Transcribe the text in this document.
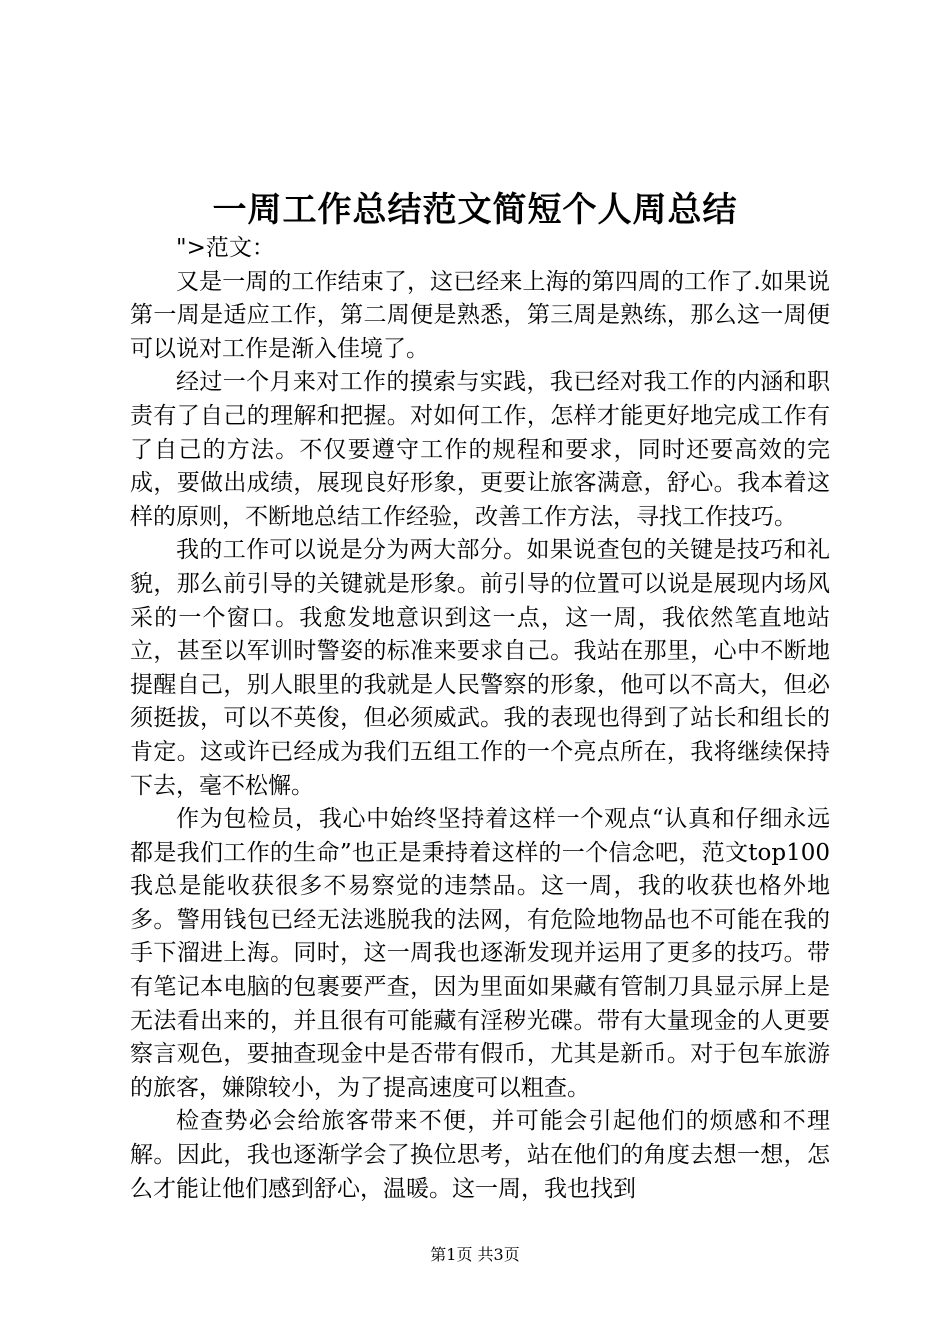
一周工作总结范文简短个人周总结

">范文：

又是一周的工作结束了，这已经来上海的第四周的工作了.如果说第一周是适应工作，第二周便是熟悉，第三周是熟练，那么这一周便可以说对工作是渐入佳境了。

经过一个月来对工作的摸索与实践，我已经对我工作的内涵和职责有了自己的理解和把握。对如何工作，怎样才能更好地完成工作有了自己的方法。不仅要遵守工作的规程和要求，同时还要高效的完成，要做出成绩，展现良好形象，更要让旅客满意，舒心。我本着这样的原则，不断地总结工作经验，改善工作方法，寻找工作技巧。

我的工作可以说是分为两大部分。如果说查包的关键是技巧和礼貌，那么前引导的关键就是形象。前引导的位置可以说是展现内场风采的一个窗口。我愈发地意识到这一点，这一周，我依然笔直地站立，甚至以军训时警姿的标准来要求自己。我站在那里，心中不断地提醒自己，别人眼里的我就是人民警察的形象，他可以不高大，但必须挺拔，可以不英俊，但必须威武。我的表现也得到了站长和组长的肯定。这或许已经成为我们五组工作的一个亮点所在，我将继续保持下去，毫不松懈。

作为包检员，我心中始终坚持着这样一个观点“认真和仔细永远都是我们工作的生命”也正是秉持着这样的一个信念吧，范文top100我总是能收获很多不易察觉的违禁品。这一周，我的收获也格外地多。警用钱包已经无法逃脱我的法网，有危险地物品也不可能在我的手下溜进上海。同时，这一周我也逐渐发现并运用了更多的技巧。带有笔记本电脑的包裹要严查，因为里面如果藏有管制刀具显示屏上是无法看出来的，并且很有可能藏有淫秽光碟。带有大量现金的人更要察言观色，要抽查现金中是否带有假币，尤其是新币。对于包车旅游的旅客，嫌隙较小，为了提高速度可以粗查。

检查势必会给旅客带来不便，并可能会引起他们的烦感和不理解。因此，我也逐渐学会了换位思考，站在他们的角度去想一想，怎么才能让他们感到舒心，温暖。这一周，我也找到

第1页 共3页
